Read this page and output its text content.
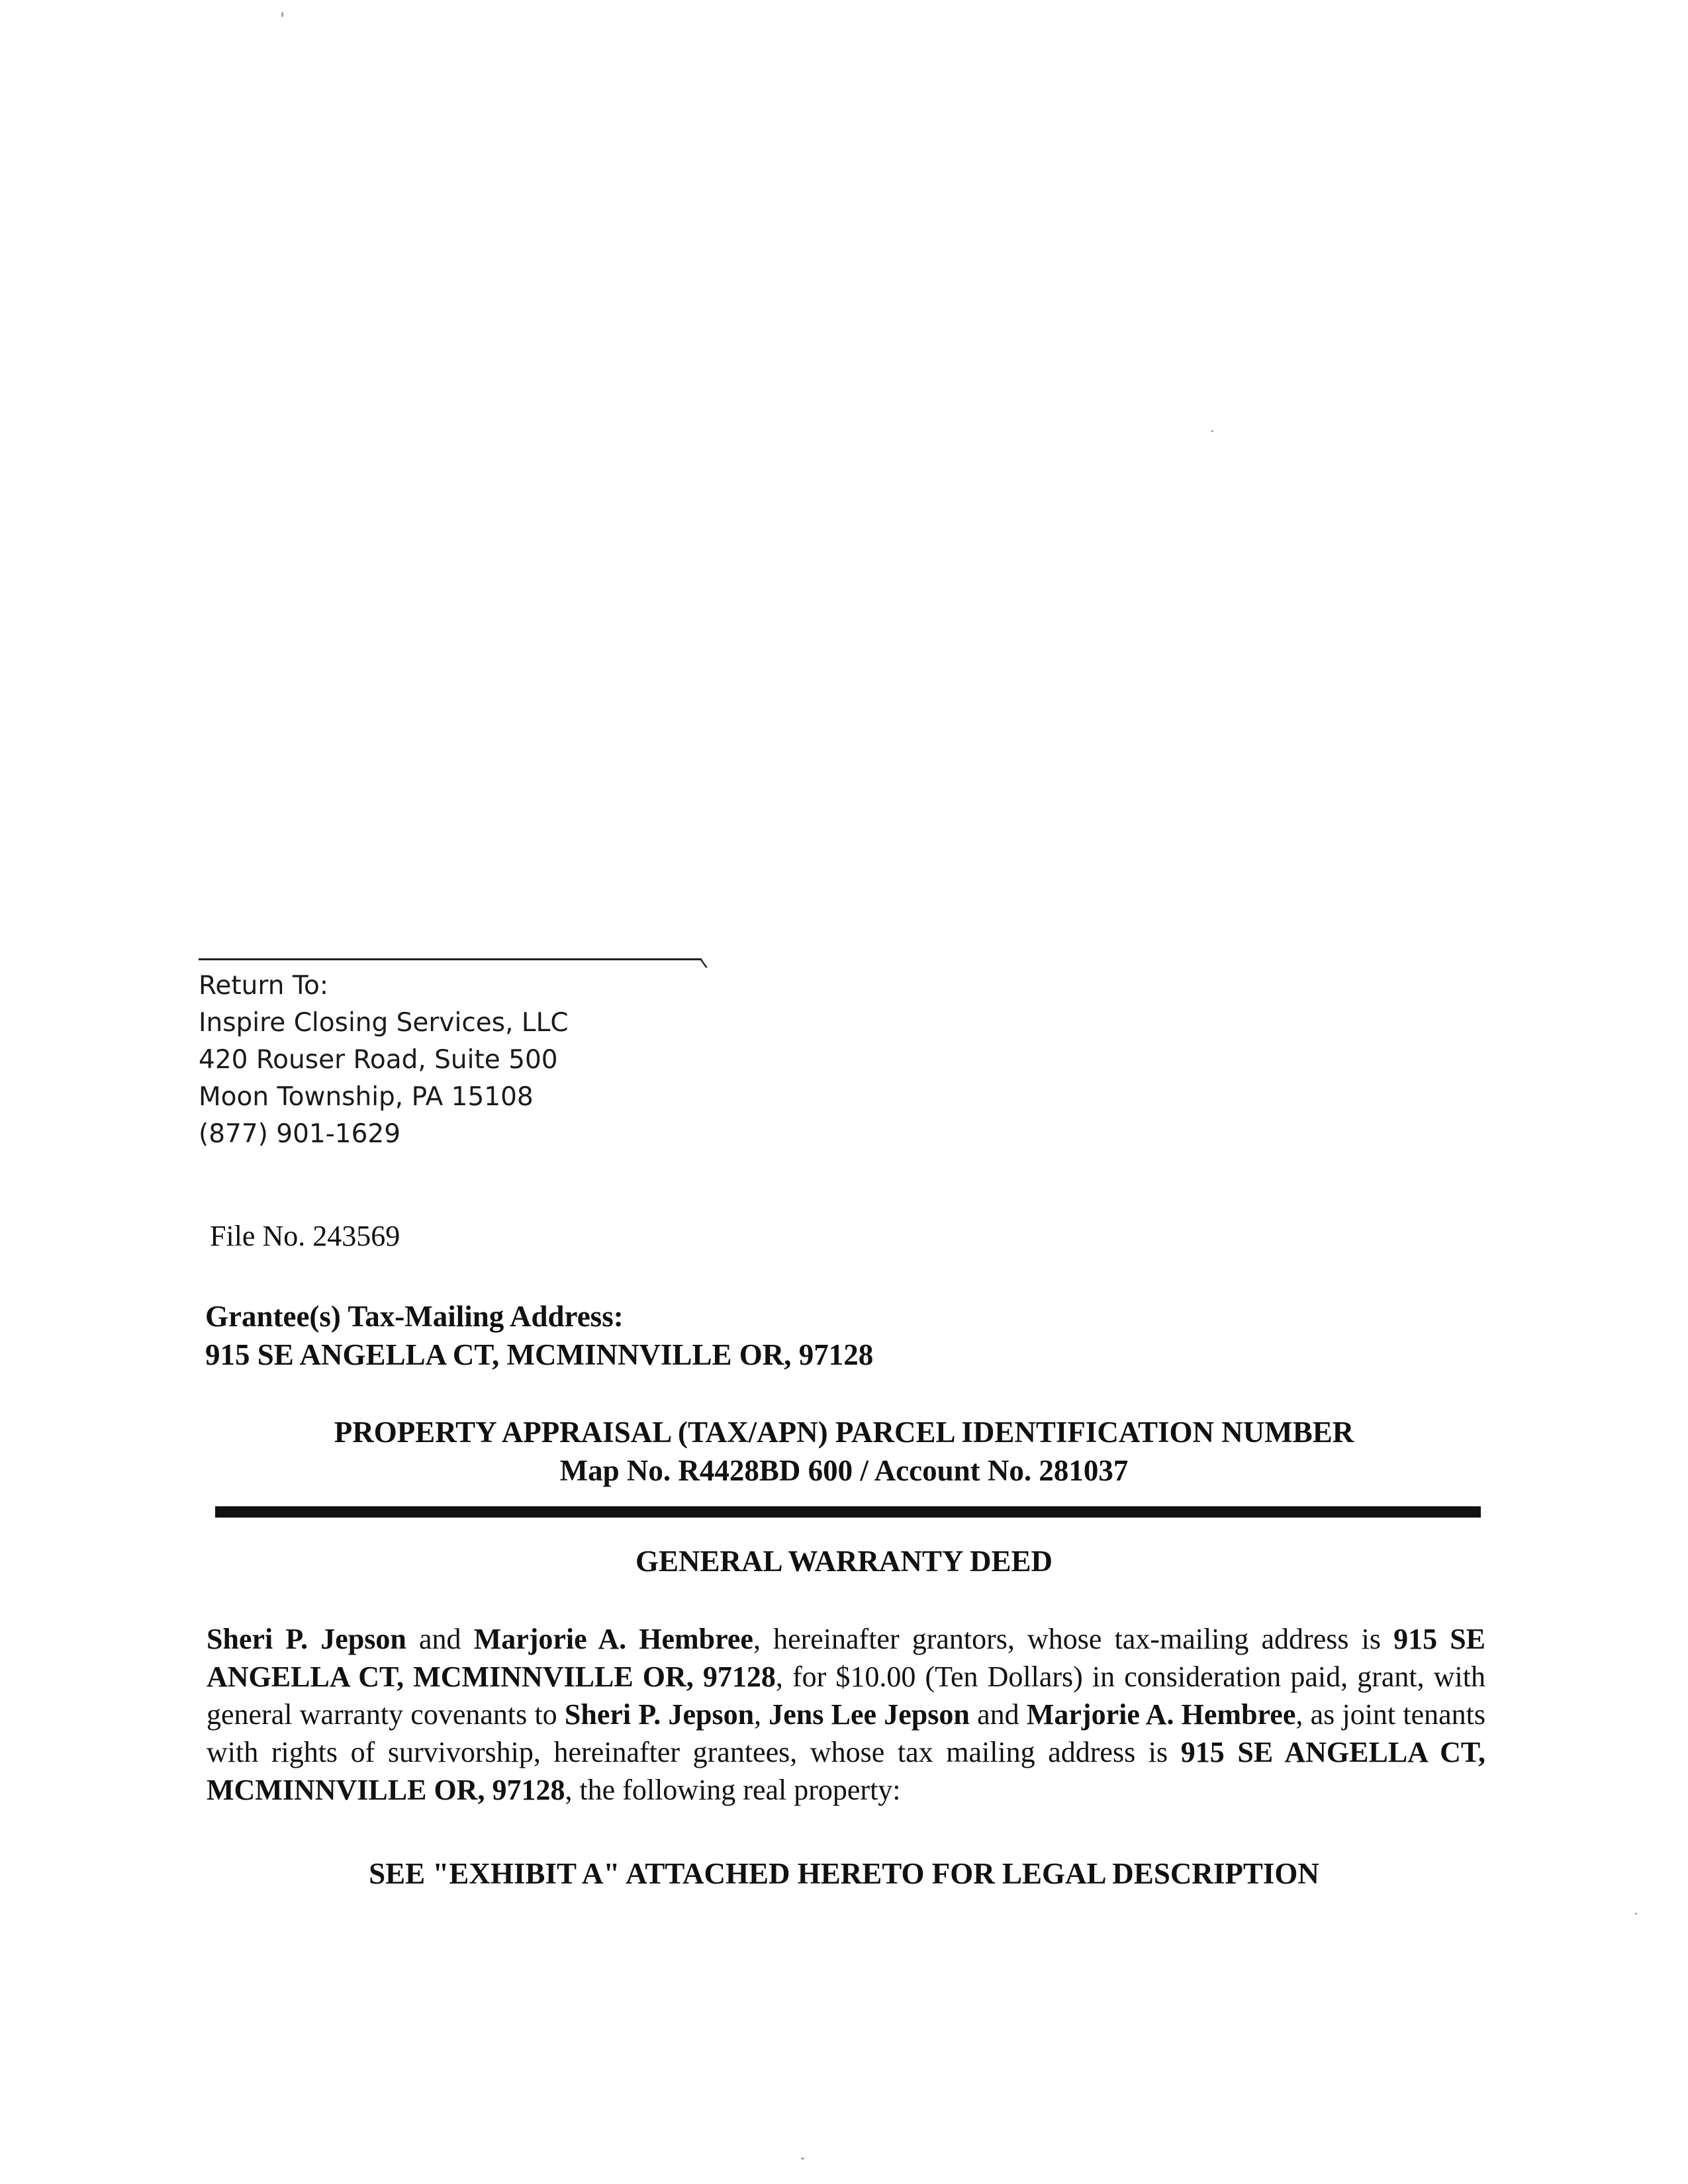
Return To:
Inspire Closing Services, LLC
420 Rouser Road, Suite 500
Moon Township, PA 15108
(877) 901-1629
File No. 243569
Grantee(s) Tax-Mailing Address:
915 SE ANGELLA CT, MCMINNVILLE OR, 97128
PROPERTY APPRAISAL (TAX/APN) PARCEL IDENTIFICATION NUMBER
Map No. R4428BD 600 / Account No. 281037
GENERAL WARRANTY DEED
Sheri P. Jepson and Marjorie A. Hembree, hereinafter grantors, whose tax-mailing address is 915 SE ANGELLA CT, MCMINNVILLE OR, 97128, for $10.00 (Ten Dollars) in consideration paid, grant, with general warranty covenants to Sheri P. Jepson, Jens Lee Jepson and Marjorie A. Hembree, as joint tenants with rights of survivorship, hereinafter grantees, whose tax mailing address is 915 SE ANGELLA CT, MCMINNVILLE OR, 97128, the following real property:
SEE "EXHIBIT A" ATTACHED HERETO FOR LEGAL DESCRIPTION
